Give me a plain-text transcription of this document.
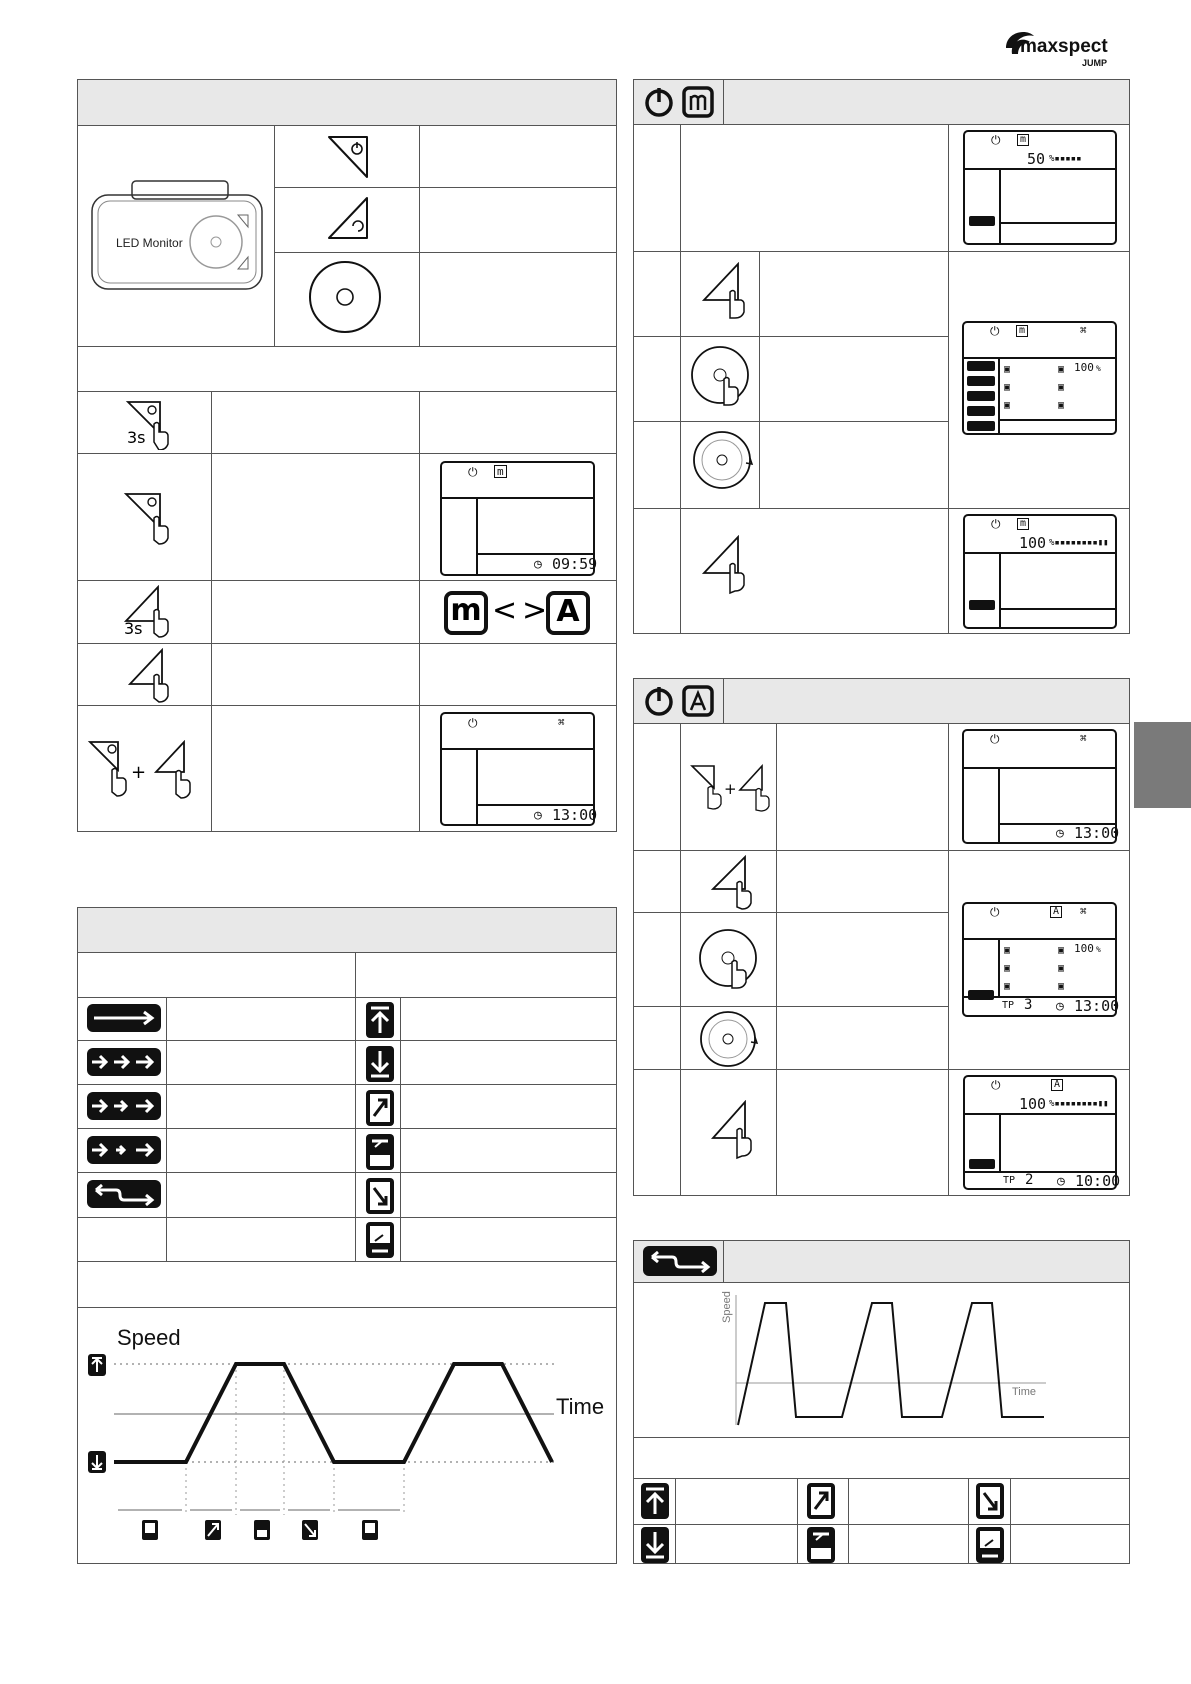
maxspect
JUMP
LED Monitor
3s
⏻ m
◷ 09:59
3s
m < > A
+
⏻	⌘
◷ 13:00
Speed
Time
⏻	m
50 %▪▪▪▪▪
⏻	m	⌘
▣
▣
▣
▣
▣
▣
100 %
⏻	m
100 %▪▪▪▪▪▪▪▪▮▮
+
⏻	⌘
◷ 13:00
⏻	A ⌘
▣
▣
▣
▣
▣
▣
100 %
TP 3 ◷ 13:00
⏻	A
100 %▪▪▪▪▪▪▪▪▮▮
TP 2 ◷ 10:00
Speed
Time
